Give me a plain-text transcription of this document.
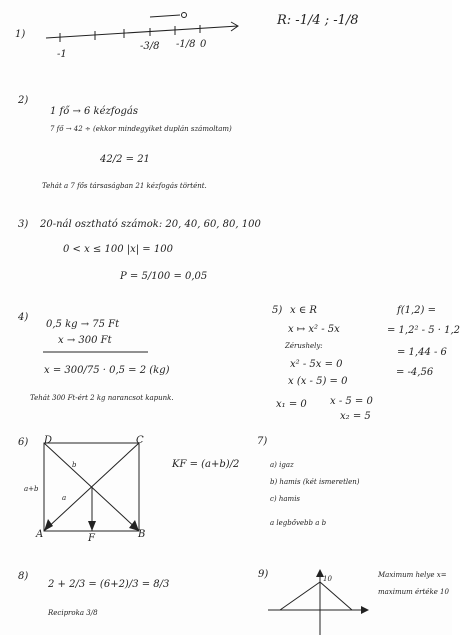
1)
-1
-3/8 -1/8 0
R: -1/4 ; -1/8
2)
1 fő → 6 kézfogás
7 fő → 42 ÷ (ekkor mindegyiket duplán számoltam)
42/2 = 21
Tehát a 7 fős társaságban 21 kézfogás történt.
3) 20-nál osztható számok: 20, 40, 60, 80, 100
0 < x ≤ 100 |x| = 100
P = 5/100 = 0,05
4)
0,5 kg → 75 Ft
x → 300 Ft
x = 300/75 · 0,5 = 2 (kg)
Tehát 300 Ft-ért 2 kg narancsot kapunk.
5) x ∈ R
x ↦ x² - 5x
Zérushely:
x² - 5x = 0
x (x - 5) = 0
x₁ = 0 x - 5 = 0
x₂ = 5
f(1,2) =
= 1,2² - 5 · 1,2
= 1,44 - 6
= -4,56
6) D	C
A	F	B
a+b
a
b	KF = (a+b)/2
7)
a) igaz
b) hamis (két ismeretlen)
c) hamis
a legbővebb a b
8)
2 + 2/3 = (6+2)/3 = 8/3
Reciproka 3/8
9)	10	Maximum helye x=
maximum értéke 10
